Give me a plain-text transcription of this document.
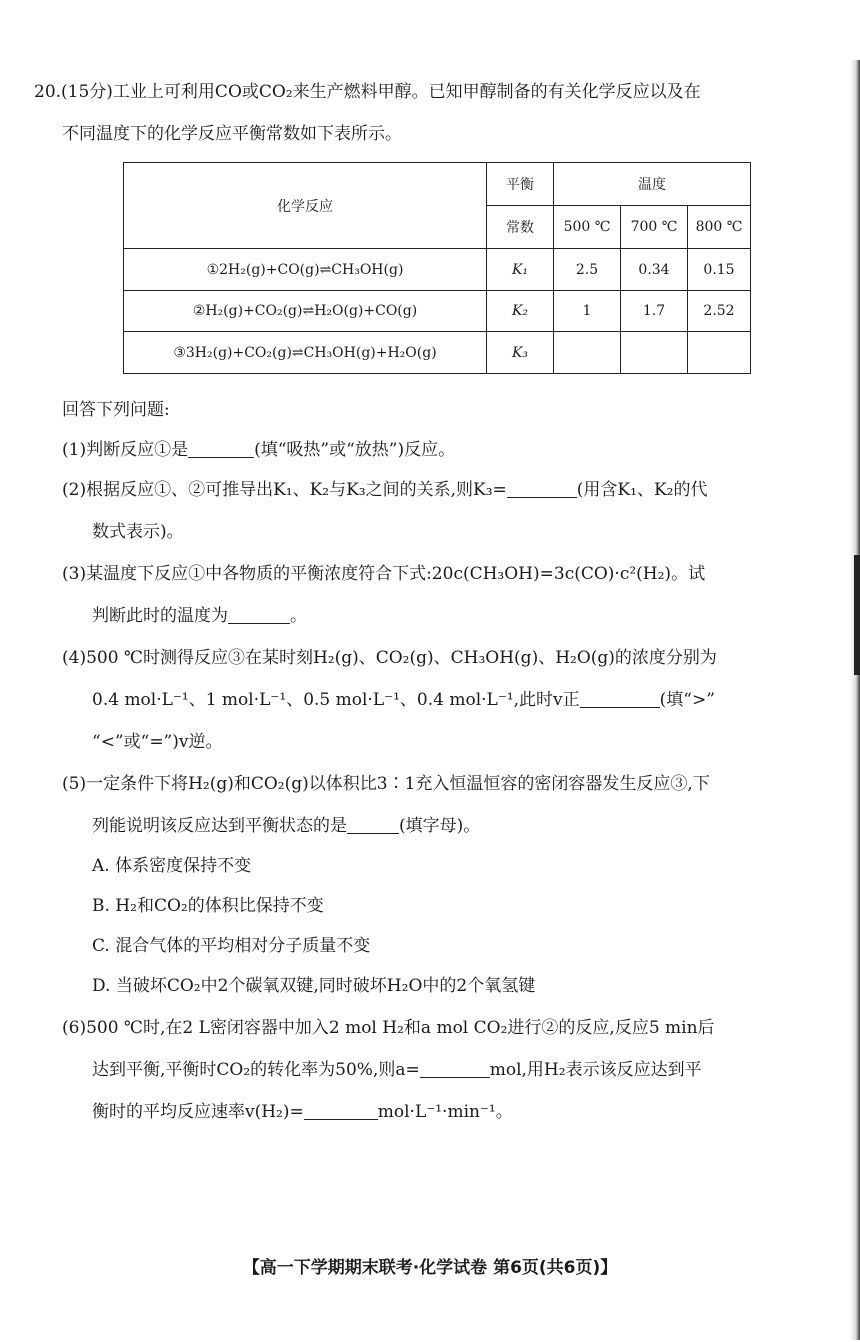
20.(15分)工业上可利用CO或CO₂来生产燃料甲醇。已知甲醇制备的有关化学反应以及在
不同温度下的化学反应平衡常数如下表所示。
化学反应	平衡	温度		
	常数	500 ℃	700 ℃	800 ℃
①2H₂(g)+CO(g)⇌CH₃OH(g)	K₁	2.5	0.34	0.15
②H₂(g)+CO₂(g)⇌H₂O(g)+CO(g)	K₂	1	1.7	2.52
③3H₂(g)+CO₂(g)⇌CH₃OH(g)+H₂O(g)	K₃			
回答下列问题:
(1)判断反应①是	(填“吸热”或“放热”)反应。
(2)根据反应①、②可推导出K₁、K₂与K₃之间的关系,则K₃=	(用含K₁、K₂的代
数式表示)。
(3)某温度下反应①中各物质的平衡浓度符合下式:20c(CH₃OH)=3c(CO)·c²(H₂)。试
判断此时的温度为	。
(4)500 ℃时测得反应③在某时刻H₂(g)、CO₂(g)、CH₃OH(g)、H₂O(g)的浓度分别为
0.4 mol·L⁻¹、1 mol·L⁻¹、0.5 mol·L⁻¹、0.4 mol·L⁻¹,此时v正	(填“>”
“<”或“=”)v逆。
(5)一定条件下将H₂(g)和CO₂(g)以体积比3∶1充入恒温恒容的密闭容器发生反应③,下
列能说明该反应达到平衡状态的是	(填字母)。
A. 体系密度保持不变
B. H₂和CO₂的体积比保持不变
C. 混合气体的平均相对分子质量不变
D. 当破坏CO₂中2个碳氧双键,同时破坏H₂O中的2个氧氢键
(6)500 ℃时,在2 L密闭容器中加入2 mol H₂和a mol CO₂进行②的反应,反应5 min后
达到平衡,平衡时CO₂的转化率为50%,则a=	mol,用H₂表示该反应达到平
衡时的平均反应速率v(H₂)=	mol·L⁻¹·min⁻¹。
【高一下学期期末联考·化学试卷 第6页(共6页)】
